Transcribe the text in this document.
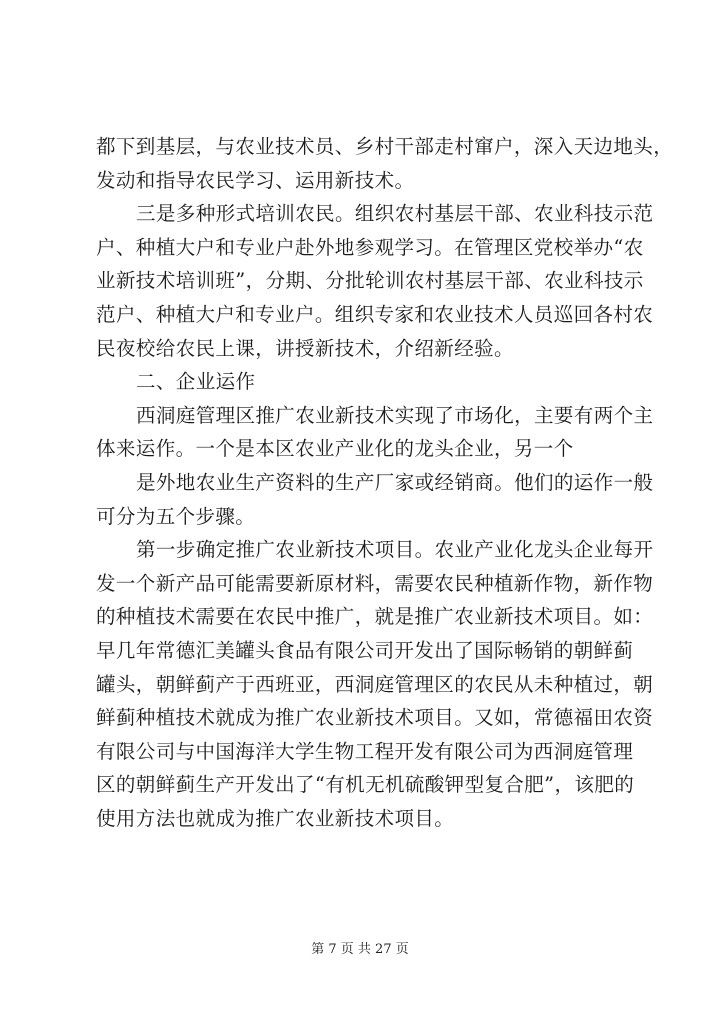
都下到基层，与农业技术员、乡村干部走村窜户，深入天边地头，
发动和指导农民学习、运用新技术。
三是多种形式培训农民。组织农村基层干部、农业科技示范
户、种植大户和专业户赴外地参观学习。在管理区党校举办“农
业新技术培训班”，分期、分批轮训农村基层干部、农业科技示
范户、种植大户和专业户。组织专家和农业技术人员巡回各村农
民夜校给农民上课，讲授新技术，介绍新经验。
二、企业运作
西洞庭管理区推广农业新技术实现了市场化，主要有两个主
体来运作。一个是本区农业产业化的龙头企业，另一个
是外地农业生产资料的生产厂家或经销商。他们的运作一般
可分为五个步骤。
第一步确定推广农业新技术项目。农业产业化龙头企业每开
发一个新产品可能需要新原材料，需要农民种植新作物，新作物
的种植技术需要在农民中推广，就是推广农业新技术项目。如：
早几年常德汇美罐头食品有限公司开发出了国际畅销的朝鲜蓟
罐头，朝鲜蓟产于西班亚，西洞庭管理区的农民从未种植过，朝
鲜蓟种植技术就成为推广农业新技术项目。又如，常德福田农资
有限公司与中国海洋大学生物工程开发有限公司为西洞庭管理
区的朝鲜蓟生产开发出了“有机无机硫酸钾型复合肥”，该肥的
使用方法也就成为推广农业新技术项目。
第 7 页 共 27 页
